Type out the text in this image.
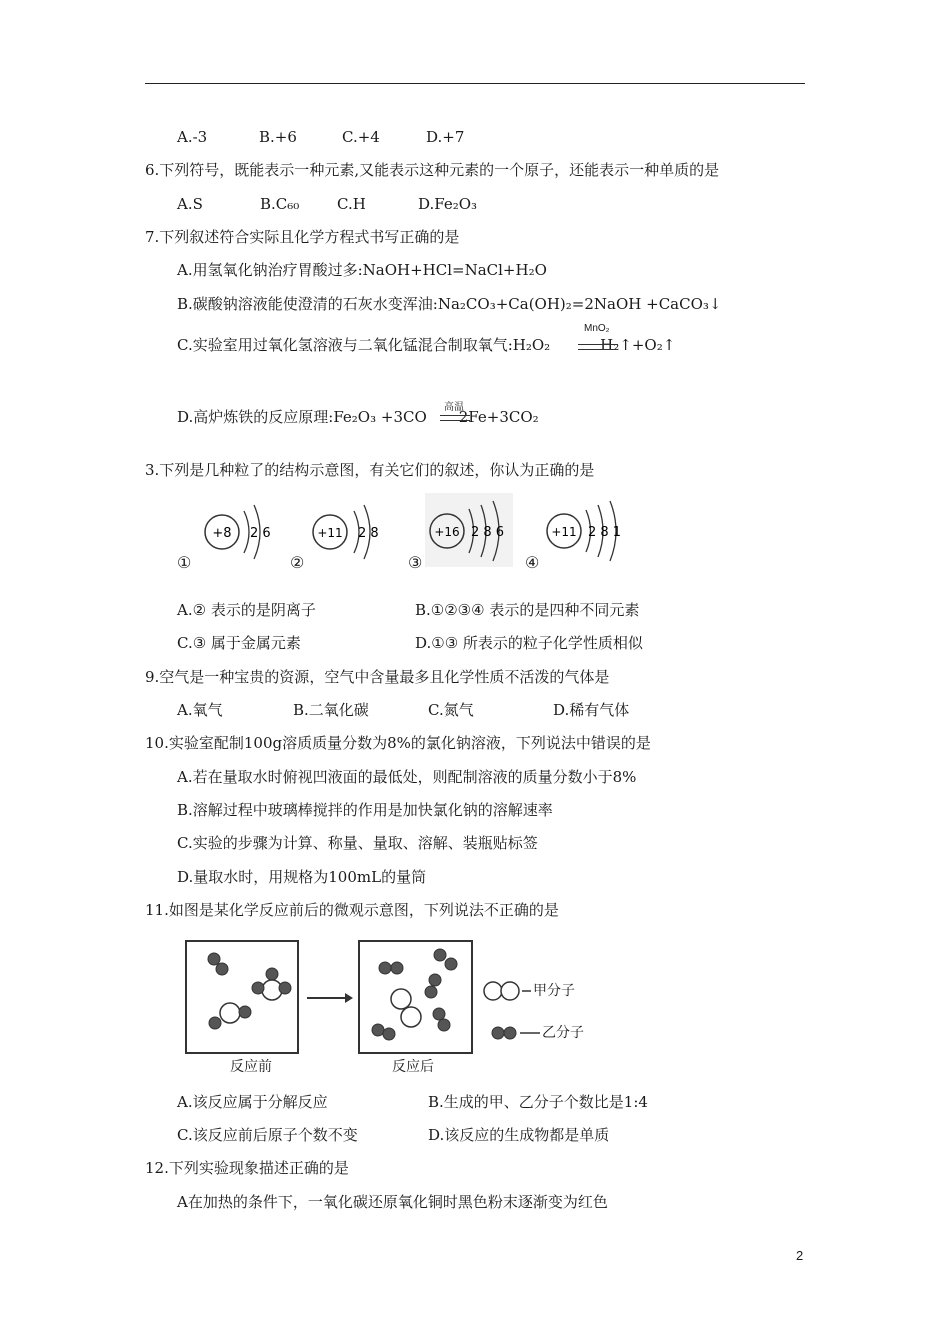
A.-3	B.+6	C.+4	D.+7
6.下列符号，既能表示一种元素,又能表示这种元素的一个原子，还能表示一种单质的是
A.S	B.C₆₀	C.H	D.Fe₂O₃
7.下列叙述符合实际且化学方程式书写正确的是
A.用氢氧化钠治疗胃酸过多:NaOH+HCl=NaCl+H₂O
B.碳酸钠溶液能使澄清的石灰水变浑油:Na₂CO₃+Ca(OH)₂=2NaOH +CaCO₃↓
C.实验室用过氧化氢溶液与二氧化锰混合制取氧气:H₂O₂	H₂↑+O₂↑
MnO₂
D.高炉炼铁的反应原理:Fe₂O₃ +3CO 2Fe+3CO₂
高温
3.下列是几种粒了的结构示意图，有关它们的叙述，你认为正确的是
+8 2 6
①
+11 2 8
②
+16 2 8 6
③
+11 2 8 1
④
A.② 表示的是阴离子	B.①②③④ 表示的是四种不同元素
C.③ 属于金属元素	D.①③ 所表示的粒子化学性质相似
9.空气是一种宝贵的资源，空气中含量最多且化学性质不活泼的气体是
A.氧气	B.二氧化碳	C.氮气	D.稀有气体
10.实验室配制100g溶质质量分数为8%的氯化钠溶液，下列说法中错误的是
A.若在量取水时俯视凹液面的最低处，则配制溶液的质量分数小于8%
B.溶解过程中玻璃棒搅拌的作用是加快氯化钠的溶解速率
C.实验的步骤为计算、称量、量取、溶解、装瓶贴标签
D.量取水时，用规格为100mL的量筒
11.如图是某化学反应前后的微观示意图，下列说法不正确的是
反应前	反应后
甲分子
乙分子
A.该反应属于分解反应	B.生成的甲、乙分子个数比是1:4
C.该反应前后原子个数不变	D.该反应的生成物都是单质
12.下列实验现象描述正确的是
A在加热的条件下，一氧化碳还原氧化铜时黑色粉末逐渐变为红色
2
